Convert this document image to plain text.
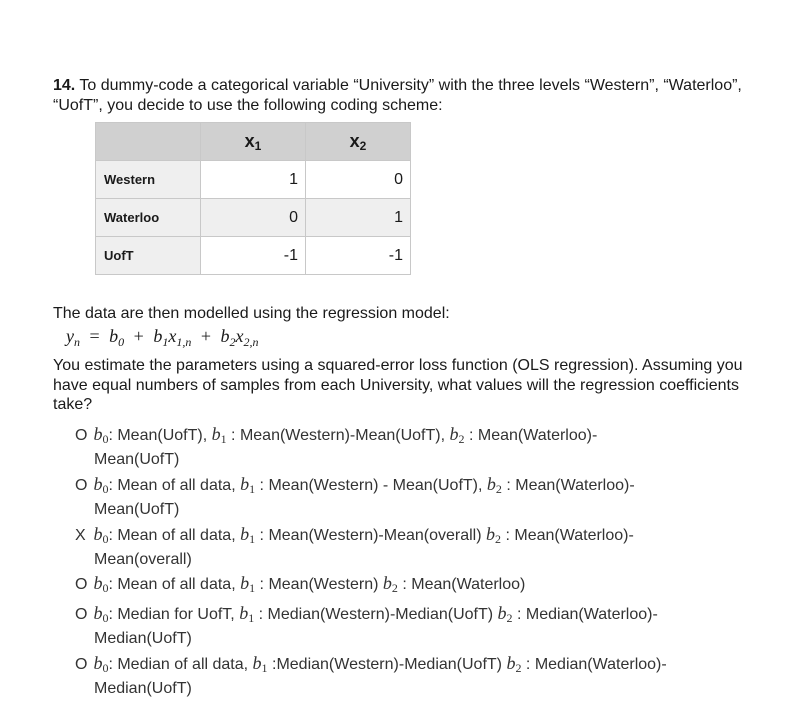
14. To dummy-code a categorical variable “University” with the three levels “Western”, “Waterloo”, “UofT”, you decide to use the following coding scheme:
	$x_1$	$x_2$
Western	1	0
Waterloo	0	1
UofT	-1	-1
The data are then modelled using the regression model:
$y_n = b_0 + b_1x_{1,n} + b_2x_{2,n}$
You estimate the parameters using a squared-error loss function (OLS regression). Assuming you have equal numbers of samples from each University, what values will the regression coefficients take?
O $b_0$: Mean(UofT), $b_1$ : Mean(Western)-Mean(UofT), $b_2$ : Mean(Waterloo)-
Mean(UofT)
O $b_0$: Mean of all data, $b_1$ : Mean(Western) - Mean(UofT), $b_2$ : Mean(Waterloo)-
Mean(UofT)
X $b_0$: Mean of all data, $b_1$ : Mean(Western)-Mean(overall) $b_2$ : Mean(Waterloo)-
Mean(overall)
O $b_0$: Mean of all data, $b_1$ : Mean(Western) $b_2$ : Mean(Waterloo)
O $b_0$: Median for UofT, $b_1$ : Median(Western)-Median(UofT) $b_2$ : Median(Waterloo)-
Median(UofT)
O $b_0$: Median of all data, $b_1$ :Median(Western)-Median(UofT) $b_2$ : Median(Waterloo)-
Median(UofT)
